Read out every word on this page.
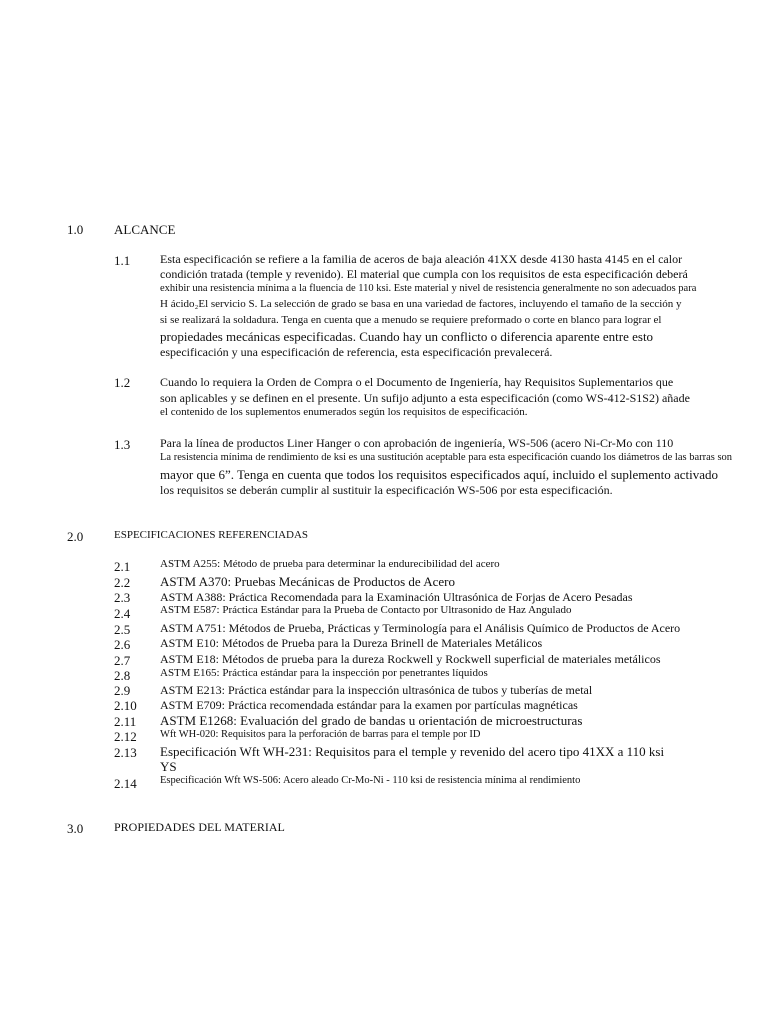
1.0 ALCANCE
1.1 Esta especificación se refiere a la familia de aceros de baja aleación 41XX desde 4130 hasta 4145 en el calor
condición tratada (temple y revenido). El material que cumpla con los requisitos de esta especificación deberá
exhibir una resistencia mínima a la fluencia de 110 ksi. Este material y nivel de resistencia generalmente no son adecuados para
H ácido₂El servicio S. La selección de grado se basa en una variedad de factores, incluyendo el tamaño de la sección y
si se realizará la soldadura. Tenga en cuenta que a menudo se requiere preformado o corte en blanco para lograr el
propiedades mecánicas especificadas. Cuando hay un conflicto o diferencia aparente entre esto
especificación y una especificación de referencia, esta especificación prevalecerá.
1.2 Cuando lo requiera la Orden de Compra o el Documento de Ingeniería, hay Requisitos Suplementarios que
son aplicables y se definen en el presente. Un sufijo adjunto a esta especificación (como WS-412-S1S2) añade
el contenido de los suplementos enumerados según los requisitos de especificación.
1.3 Para la línea de productos Liner Hanger o con aprobación de ingeniería, WS-506 (acero Ni-Cr-Mo con 110
La resistencia mínima de rendimiento de ksi es una sustitución aceptable para esta especificación cuando los diámetros de las barras son
mayor que 6”. Tenga en cuenta que todos los requisitos especificados aquí, incluido el suplemento activado
los requisitos se deberán cumplir al sustituir la especificación WS-506 por esta especificación.
2.0	ESPECIFICACIONES REFERENCIADAS
2.1	ASTM A255: Método de prueba para determinar la endurecibilidad del acero
2.2 ASTM A370: Pruebas Mecánicas de Productos de Acero
2.3 ASTM A388: Práctica Recomendada para la Examinación Ultrasónica de Forjas de Acero Pesadas
2.4	ASTM E587: Práctica Estándar para la Prueba de Contacto por Ultrasonido de Haz Angulado
2.5 ASTM A751: Métodos de Prueba, Prácticas y Terminología para el Análisis Químico de Productos de Acero
2.6 ASTM E10: Métodos de Prueba para la Dureza Brinell de Materiales Metálicos
2.7 ASTM E18: Métodos de prueba para la dureza Rockwell y Rockwell superficial de materiales metálicos
2.8	ASTM E165: Práctica estándar para la inspección por penetrantes líquidos
2.9 ASTM E213: Práctica estándar para la inspección ultrasónica de tubos y tuberías de metal
2.10 ASTM E709: Práctica recomendada estándar para la examen por partículas magnéticas
2.11 ASTM E1268: Evaluación del grado de bandas u orientación de microestructuras
2.12 Wft WH-020: Requisitos para la perforación de barras para el temple por ID
2.13 Especificación Wft WH-231: Requisitos para el temple y revenido del acero tipo 41XX a 110 ksi
YS
2.14 Especificación Wft WS-506: Acero aleado Cr-Mo-Ni - 110 ksi de resistencia mínima al rendimiento
3.0	PROPIEDADES DEL MATERIAL
